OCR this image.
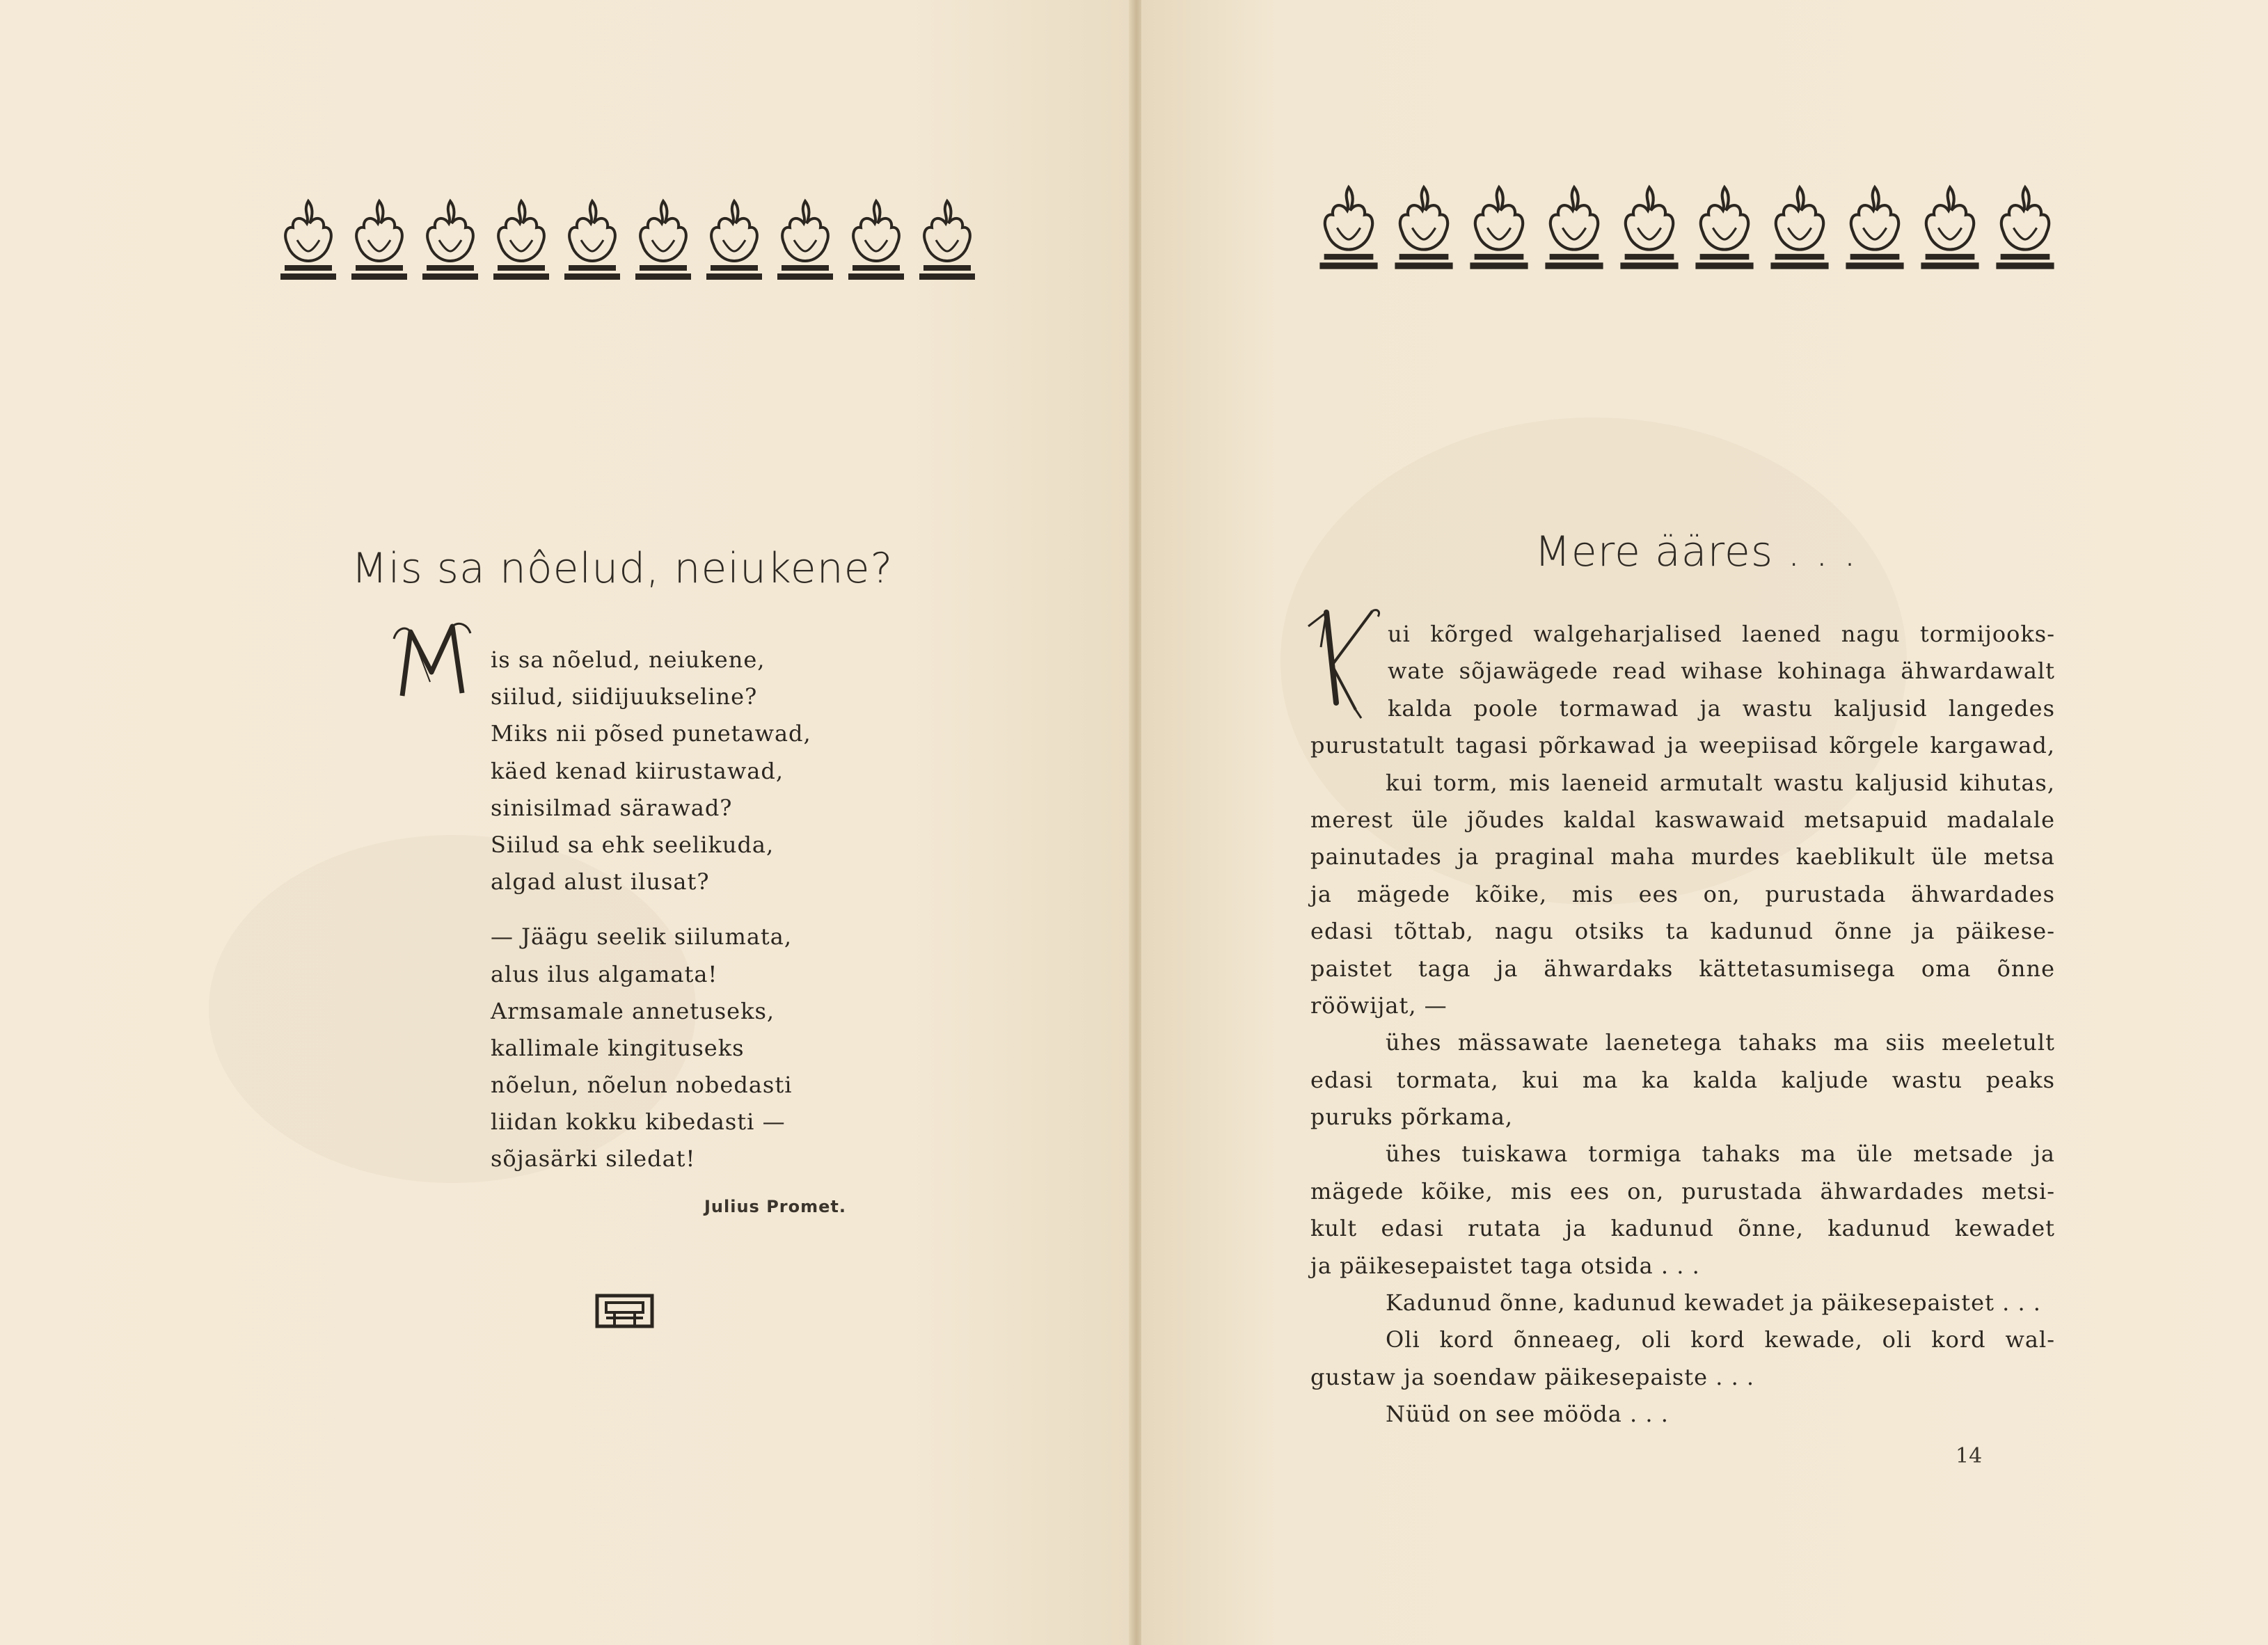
Mis sa nôelud, neiukene?
is sa nõelud, neiukene,
siilud, siidijuukseline?
Miks nii põsed punetawad,
käed kenad kiirustawad,
sinisilmad särawad?
Siilud sa ehk seelikuda,
algad alust ilusat?
— Jäägu seelik siilumata,
alus ilus algamata!
Armsamale annetuseks,
kallimale kingituseks
nõelun, nõelun nobedasti
liidan kokku kibedasti —
sõjasärki siledat!
Julius Promet.
Mere ääres . . .
ui kõrged walgeharjalised laened nagu tormijooks-
wate sõjawägede read wihase kohinaga ähwardawalt
kalda poole tormawad ja wastu kaljusid langedes
purustatult tagasi põrkawad ja weepiisad kõrgele kargawad,
kui torm, mis laeneid armutalt wastu kaljusid kihutas,
merest üle jõudes kaldal kaswawaid metsapuid madalale
painutades ja praginal maha murdes kaeblikult üle metsa
ja mägede kõike, mis ees on, purustada ähwardades
edasi tõttab, nagu otsiks ta kadunud õnne ja päikese-
paistet taga ja ähwardaks kättetasumisega oma õnne
rööwijat, —
ühes mässawate laenetega tahaks ma siis meeletult
edasi tormata, kui ma ka kalda kaljude wastu peaks
puruks põrkama,
ühes tuiskawa tormiga tahaks ma üle metsade ja
mägede kõike, mis ees on, purustada ähwardades metsi-
kult edasi rutata ja kadunud õnne, kadunud kewadet
ja päikesepaistet taga otsida . . .
Kadunud õnne, kadunud kewadet ja päikesepaistet . . .
Oli kord õnneaeg, oli kord kewade, oli kord wal-
gustaw ja soendaw päikesepaiste . . .
Nüüd on see mööda . . .
14
